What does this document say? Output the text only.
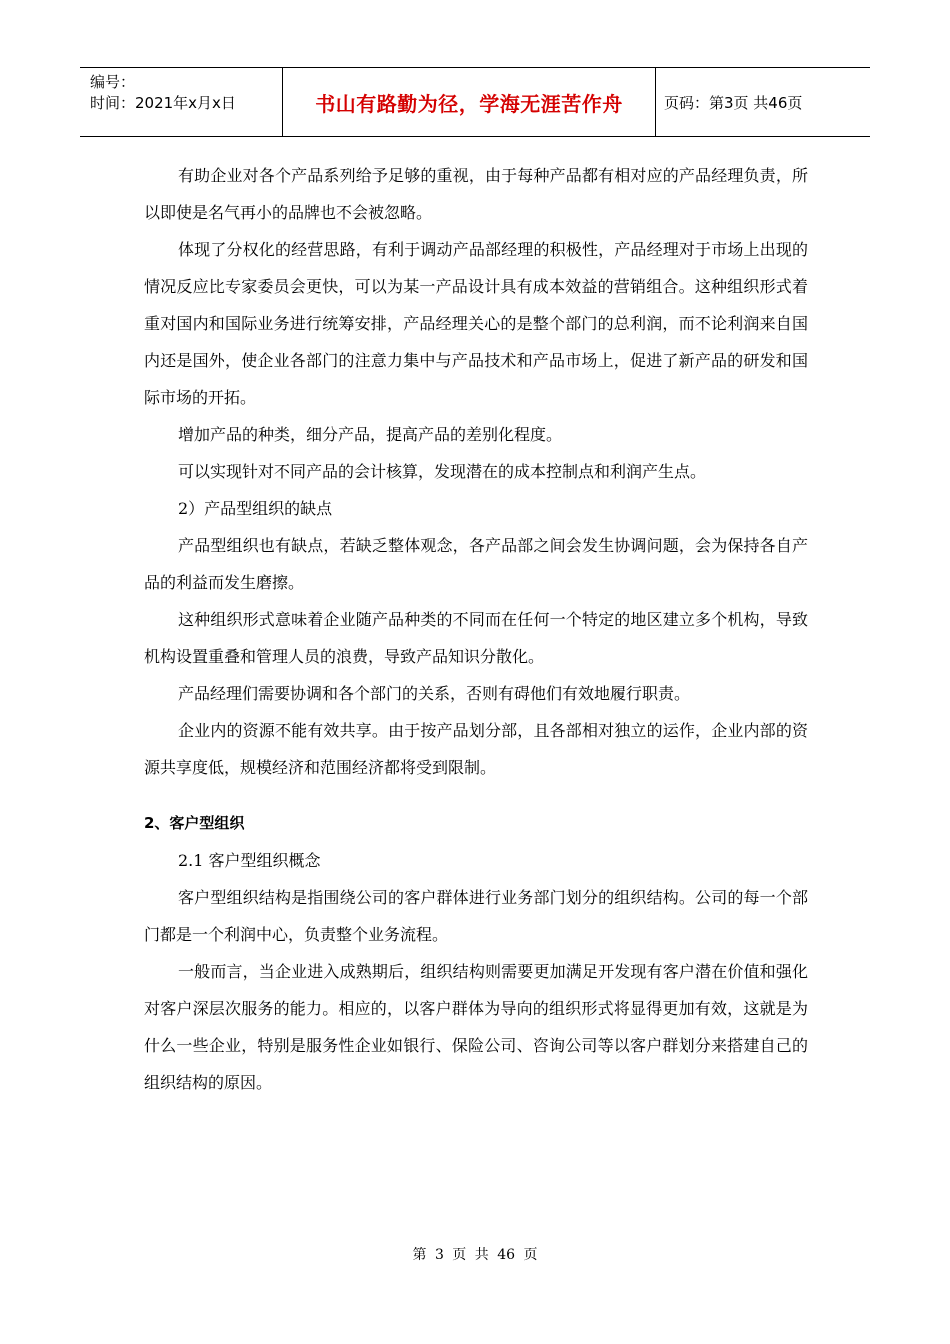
编号：
时间：2021年x月x日	书山有路勤为径，学海无涯苦作舟	页码：第3页 共46页

有助企业对各个产品系列给予足够的重视，由于每种产品都有相对应的产品经理负责，所以即使是名气再小的品牌也不会被忽略。

体现了分权化的经营思路，有利于调动产品部经理的积极性，产品经理对于市场上出现的情况反应比专家委员会更快，可以为某一产品设计具有成本效益的营销组合。这种组织形式着重对国内和国际业务进行统筹安排，产品经理关心的是整个部门的总利润，而不论利润来自国内还是国外，使企业各部门的注意力集中与产品技术和产品市场上，促进了新产品的研发和国际市场的开拓。

增加产品的种类，细分产品，提高产品的差别化程度。

可以实现针对不同产品的会计核算，发现潜在的成本控制点和利润产生点。

2）产品型组织的缺点

产品型组织也有缺点，若缺乏整体观念，各产品部之间会发生协调问题，会为保持各自产品的利益而发生磨擦。

这种组织形式意味着企业随产品种类的不同而在任何一个特定的地区建立多个机构，导致机构设置重叠和管理人员的浪费，导致产品知识分散化。

产品经理们需要协调和各个部门的关系，否则有碍他们有效地履行职责。

企业内的资源不能有效共享。由于按产品划分部，且各部相对独立的运作，企业内部的资源共享度低，规模经济和范围经济都将受到限制。

2、客户型组织

2.1 客户型组织概念

客户型组织结构是指围绕公司的客户群体进行业务部门划分的组织结构。公司的每一个部门都是一个利润中心，负责整个业务流程。

一般而言，当企业进入成熟期后，组织结构则需要更加满足开发现有客户潜在价值和强化对客户深层次服务的能力。相应的，以客户群体为导向的组织形式将显得更加有效，这就是为什么一些企业，特别是服务性企业如银行、保险公司、咨询公司等以客户群划分来搭建自己的组织结构的原因。

第 3 页 共 46 页
